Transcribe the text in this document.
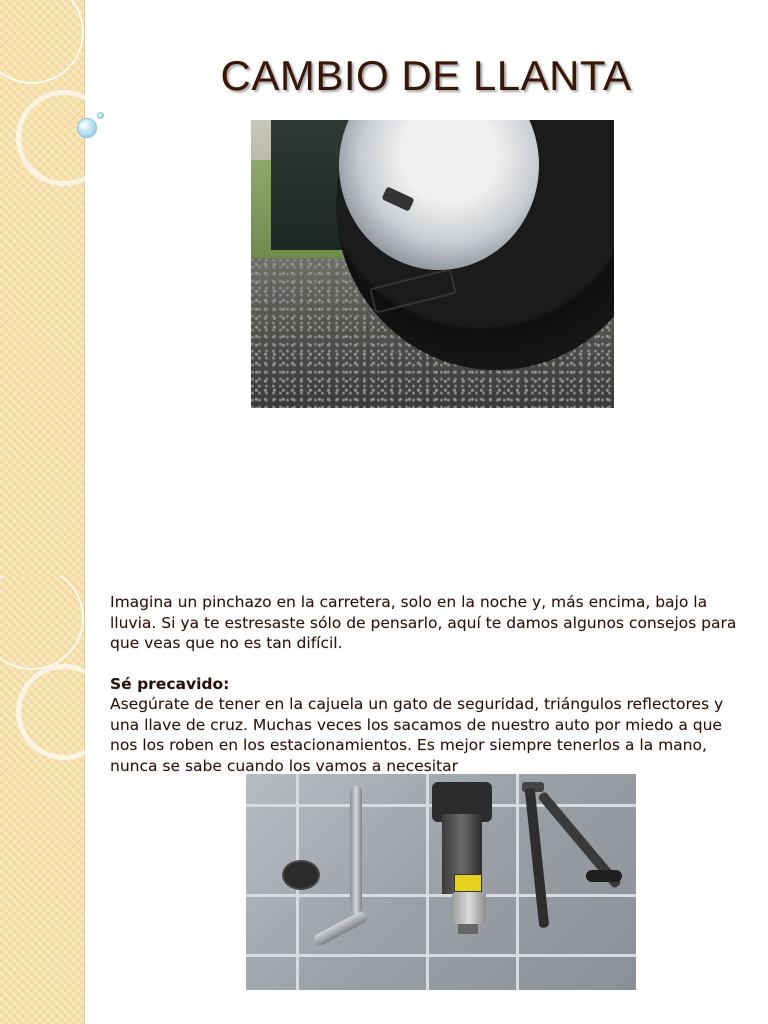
CAMBIO DE LLANTA

Imagina un pinchazo en la carretera, solo en la noche y, más encima, bajo la lluvia. Si ya te estresaste sólo de pensarlo, aquí te damos algunos consejos para que veas que no es tan difícil.

Sé precavido:

Asegúrate de tener en la cajuela un gato de seguridad, triángulos reflectores y una llave de cruz. Muchas veces los sacamos de nuestro auto por miedo a que nos los roben en los estacionamientos. Es mejor siempre tenerlos a la mano, nunca se sabe cuando los vamos a necesitar
